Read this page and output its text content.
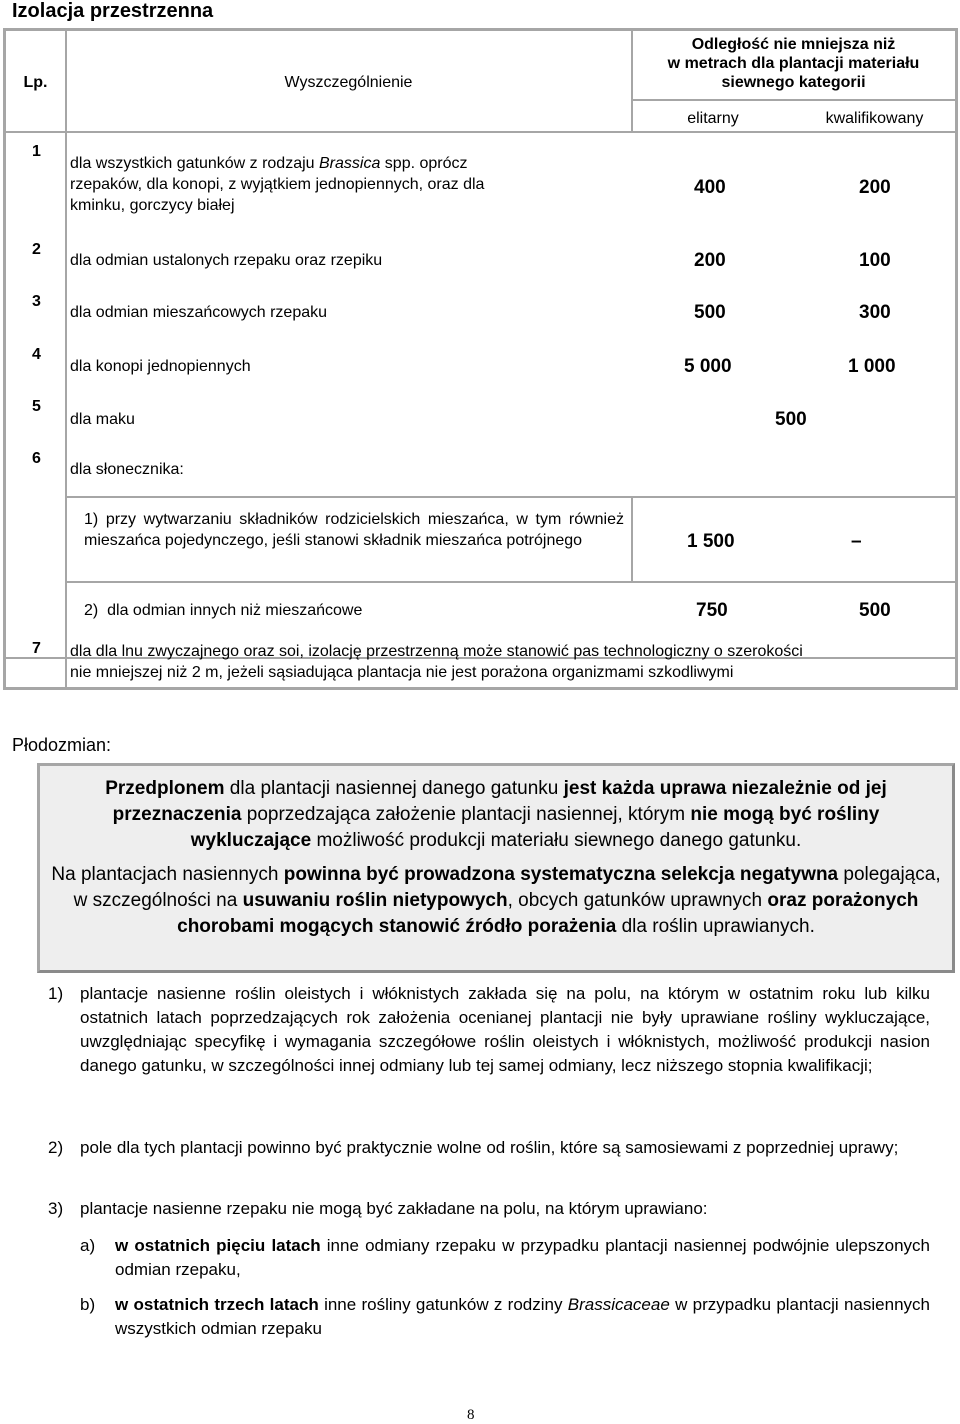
Izolacja przestrzenna
Lp.	Wyszczególnienie
Odległość nie mniejsza niż
w metrach dla plantacji materiału
siewnego kategorii
elitarny	kwalifikowany
1
dla wszystkich gatunków z rodzaju Brassica spp. oprócz
rzepaków, dla konopi, z wyjątkiem jednopiennych, oraz dla
kminku, gorczycy białej
400	200
2
dla odmian ustalonych rzepaku oraz rzepiku	200	100
3
dla odmian mieszańcowych rzepaku	500	300
4
dla konopi jednopiennych	5 000	1 000
5
dla maku	500
6
dla słonecznika:
1) przy wytwarzaniu składników rodzicielskich mieszańca, w tym również mieszańca pojedynczego, jeśli stanowi składnik mieszańca potrójnego	1 500	–
2)  dla odmian innych niż mieszańcowe	750	500
7 dla dla lnu zwyczajnego oraz soi, izolację przestrzenną może stanowić pas technologiczny o szerokości
nie mniejszej niż 2 m, jeżeli sąsiadująca plantacja nie jest porażona organizmami szkodliwymi
Płodozmian:
Przedplonem dla plantacji nasiennej danego gatunku jest każda uprawa niezależnie od jej przeznaczenia poprzedzająca założenie plantacji nasiennej, którym nie mogą być rośliny wykluczające możliwość produkcji materiału siewnego danego gatunku.
Na plantacjach nasiennych powinna być prowadzona systematyczna selekcja negatywna polegająca, w szczególności na usuwaniu roślin nietypowych, obcych gatunków uprawnych oraz porażonych chorobami mogących stanowić źródło porażenia dla roślin uprawianych.
1) plantacje nasienne roślin oleistych i włóknistych zakłada się na polu, na którym w ostatnim roku lub kilku ostatnich latach poprzedzających rok założenia ocenianej plantacji nie były uprawiane rośliny wykluczające, uwzględniając specyfikę i wymagania szczegółowe roślin oleistych i włóknistych, możliwość produkcji nasion danego gatunku, w szczególności innej odmiany lub tej samej odmiany, lecz niższego stopnia kwalifikacji;
2) pole dla tych plantacji powinno być praktycznie wolne od roślin, które są samosiewami z poprzedniej uprawy;
3) plantacje nasienne rzepaku nie mogą być zakładane na polu, na którym uprawiano:
a) w ostatnich pięciu latach inne odmiany rzepaku w przypadku plantacji nasiennej podwójnie ulepszonych odmian rzepaku,
b) w ostatnich trzech latach inne rośliny gatunków z rodziny Brassicaceae w przypadku plantacji nasiennych wszystkich odmian rzepaku
8
